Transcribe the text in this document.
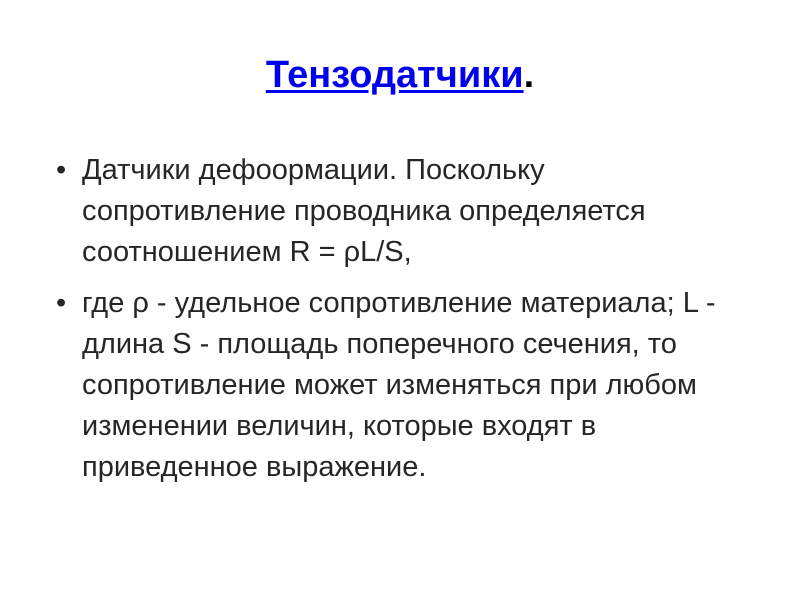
Тензодатчики.
• Датчики дефоормации. Поскольку сопротивление проводника определяется соотношением R = ρL/S,
• где ρ - удельное сопротивление материала; L - длина S - площадь поперечного сечения, то сопротивление может изменяться при любом изменении величин, которые входят в приведенное выражение.
